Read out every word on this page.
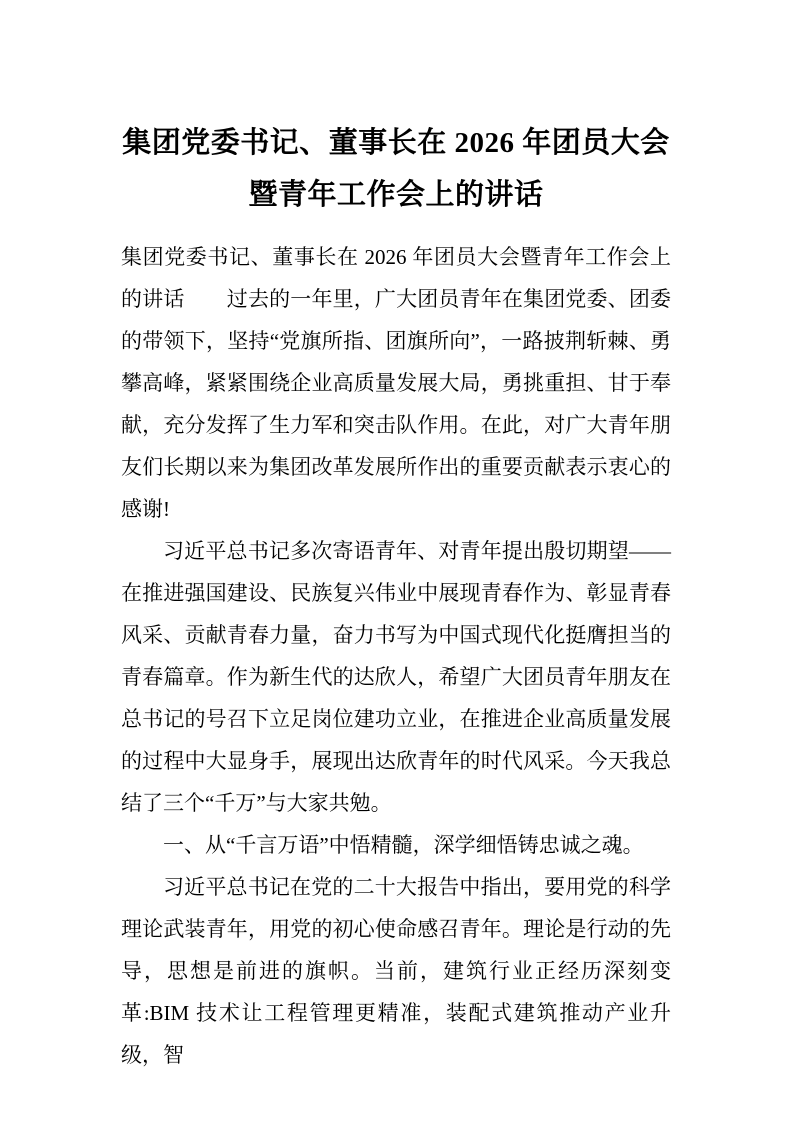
集团党委书记、董事长在 2026 年团员大会
暨青年工作会上的讲话

集团党委书记、董事长在 2026 年团员大会暨青年工作会上的讲话　　过去的一年里，广大团员青年在集团党委、团委的带领下，坚持“党旗所指、团旗所向”，一路披荆斩棘、勇攀高峰，紧紧围绕企业高质量发展大局，勇挑重担、甘于奉献，充分发挥了生力军和突击队作用。在此，对广大青年朋友们长期以来为集团改革发展所作出的重要贡献表示衷心的感谢!

习近平总书记多次寄语青年、对青年提出殷切期望——在推进强国建设、民族复兴伟业中展现青春作为、彰显青春风采、贡献青春力量，奋力书写为中国式现代化挺膺担当的青春篇章。作为新生代的达欣人，希望广大团员青年朋友在总书记的号召下立足岗位建功立业，在推进企业高质量发展的过程中大显身手，展现出达欣青年的时代风采。今天我总结了三个“千万”与大家共勉。

一、从“千言万语”中悟精髓，深学细悟铸忠诚之魂。

习近平总书记在党的二十大报告中指出，要用党的科学理论武装青年，用党的初心使命感召青年。理论是行动的先导，思想是前进的旗帜。当前，建筑行业正经历深刻变革:BIM 技术让工程管理更精准，装配式建筑推动产业升级，智
